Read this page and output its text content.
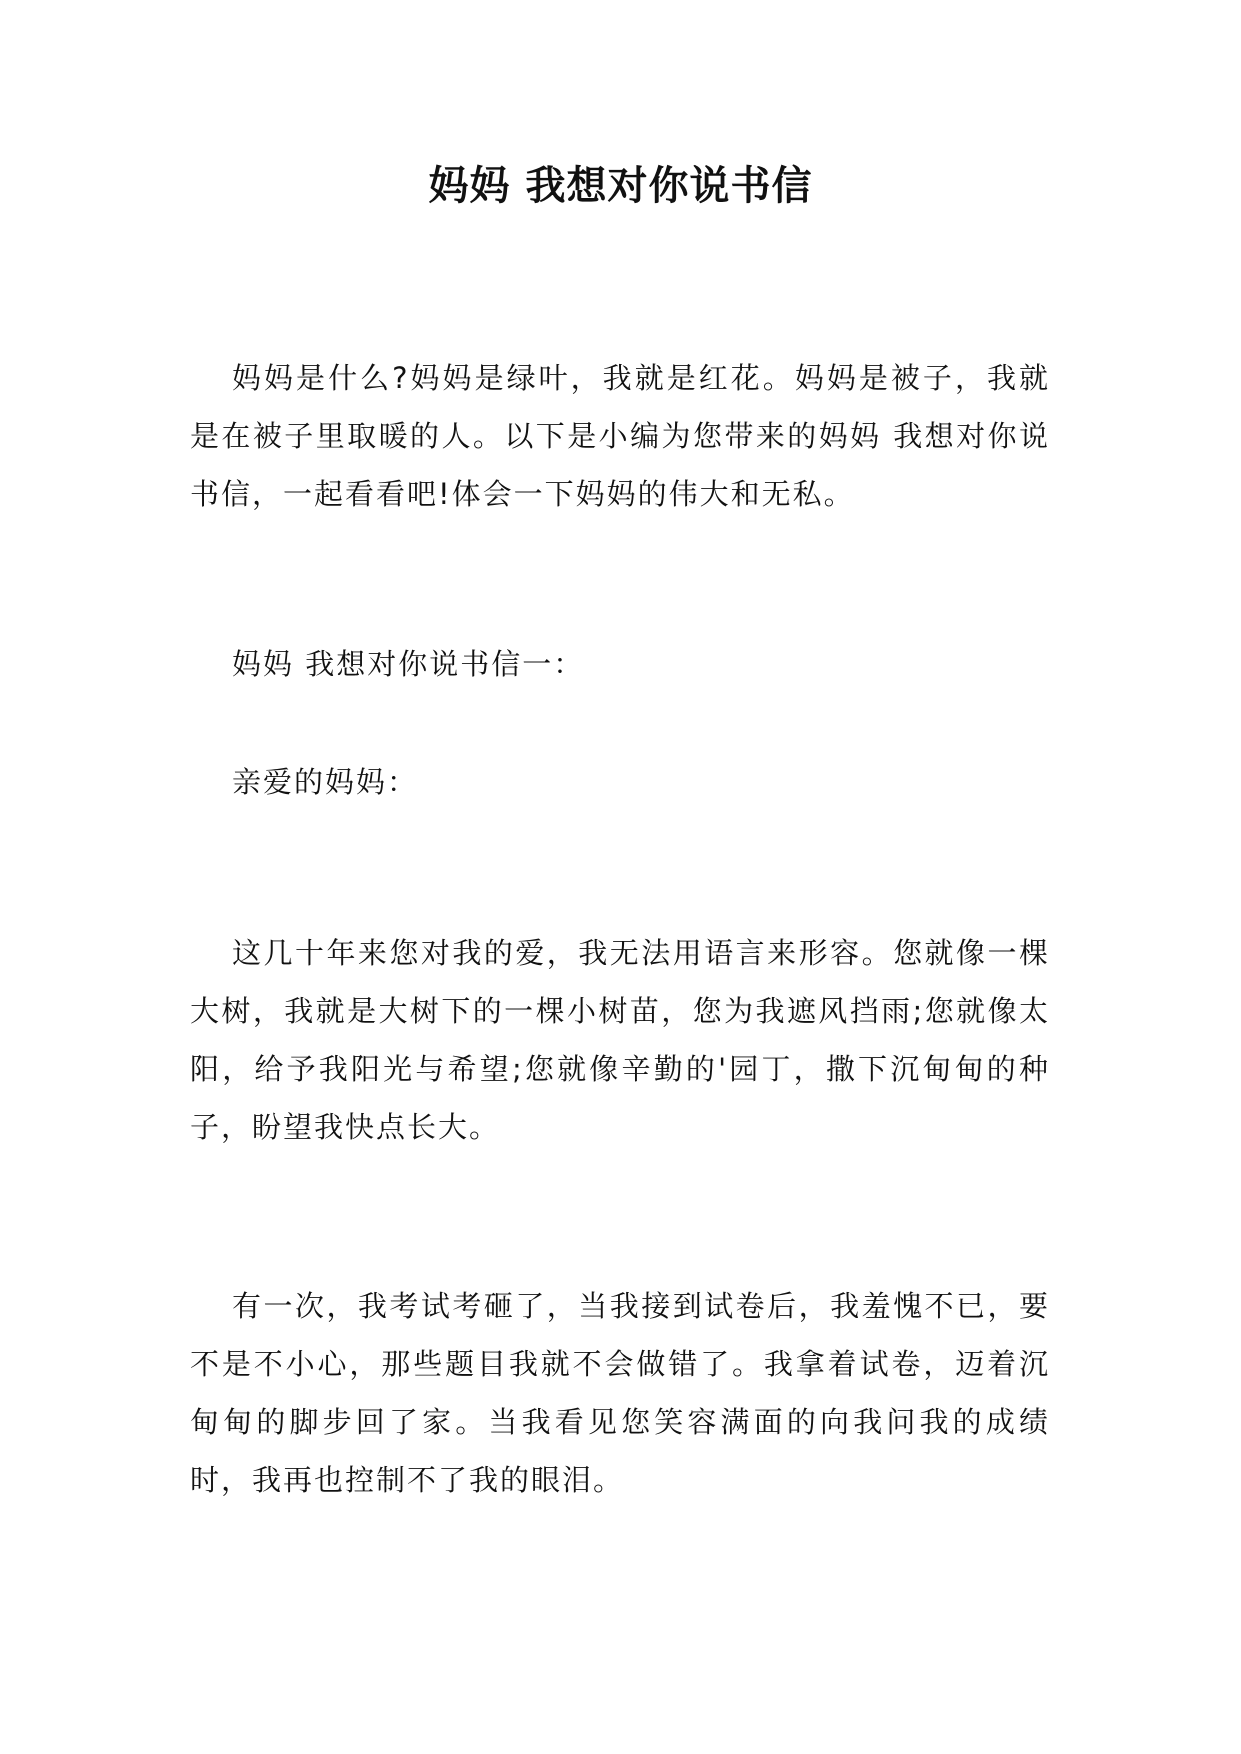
妈妈 我想对你说书信

妈妈是什么?妈妈是绿叶，我就是红花。妈妈是被子，我就是在被子里取暖的人。以下是小编为您带来的妈妈 我想对你说书信，一起看看吧!体会一下妈妈的伟大和无私。

妈妈 我想对你说书信一：

亲爱的妈妈：

这几十年来您对我的爱，我无法用语言来形容。您就像一棵大树，我就是大树下的一棵小树苗，您为我遮风挡雨;您就像太阳，给予我阳光与希望;您就像辛勤的'园丁，撒下沉甸甸的种子，盼望我快点长大。

有一次，我考试考砸了，当我接到试卷后，我羞愧不已，要不是不小心，那些题目我就不会做错了。我拿着试卷，迈着沉甸甸的脚步回了家。当我看见您笑容满面的向我问我的成绩时，我再也控制不了我的眼泪。
